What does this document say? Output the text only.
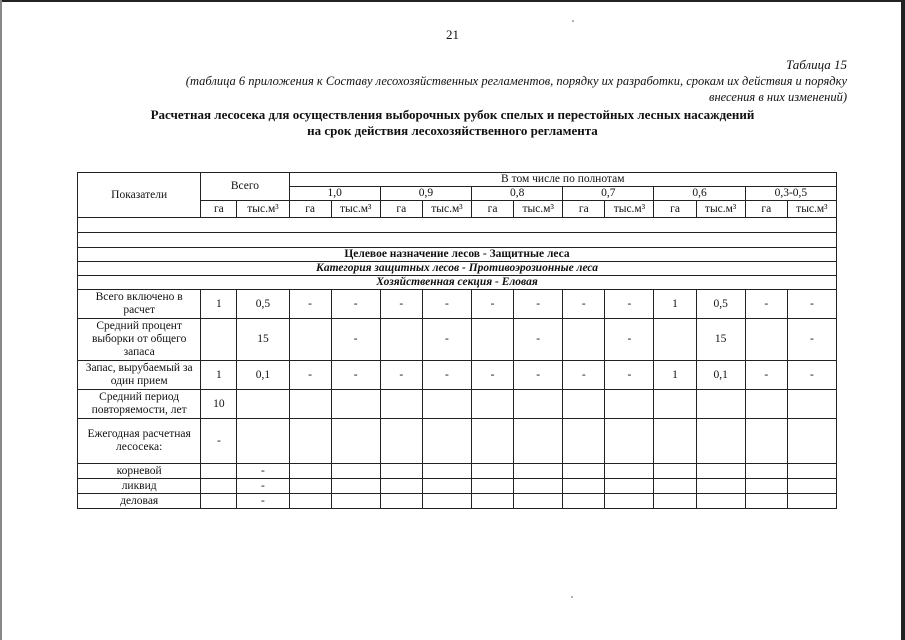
21
Таблица 15
(таблица 6 приложения к Составу лесохозяйственных регламентов, порядку их разработки, срокам их действия и порядку
внесения в них изменений)
Расчетная лесосека для осуществления выборочных рубок спелых и перестойных лесных насаждений
на срок действия лесохозяйственного регламента
Показатели	Всего		В том числе по полнотам											
			1,0		0,9		0,8		0,7		0,6		0,3-0,5	
	га	тыс.м³	га	тыс.м³	га	тыс.м³	га	тыс.м³	га	тыс.м³	га	тыс.м³	га	тыс.м³

Целевое назначение лесов - Защитные леса														
Категория защитных лесов - Противоэрозионные леса														
Хозяйственная секция - Еловая														
Всего включено в расчет	1	0,5	-	-	-	-	-	-	-	-	1	0,5	-	-
Средний процент выборки от общего запаса		15		-		-		-		-		15		-
Запас, вырубаемый за один прием	1	0,1	-	-	-	-	-	-	-	-	1	0,1	-	-
Средний период повторяемости, лет	10													
Ежегодная расчетная лесосека:	-													
корневой		-												
ликвид		-												
деловая		-												
